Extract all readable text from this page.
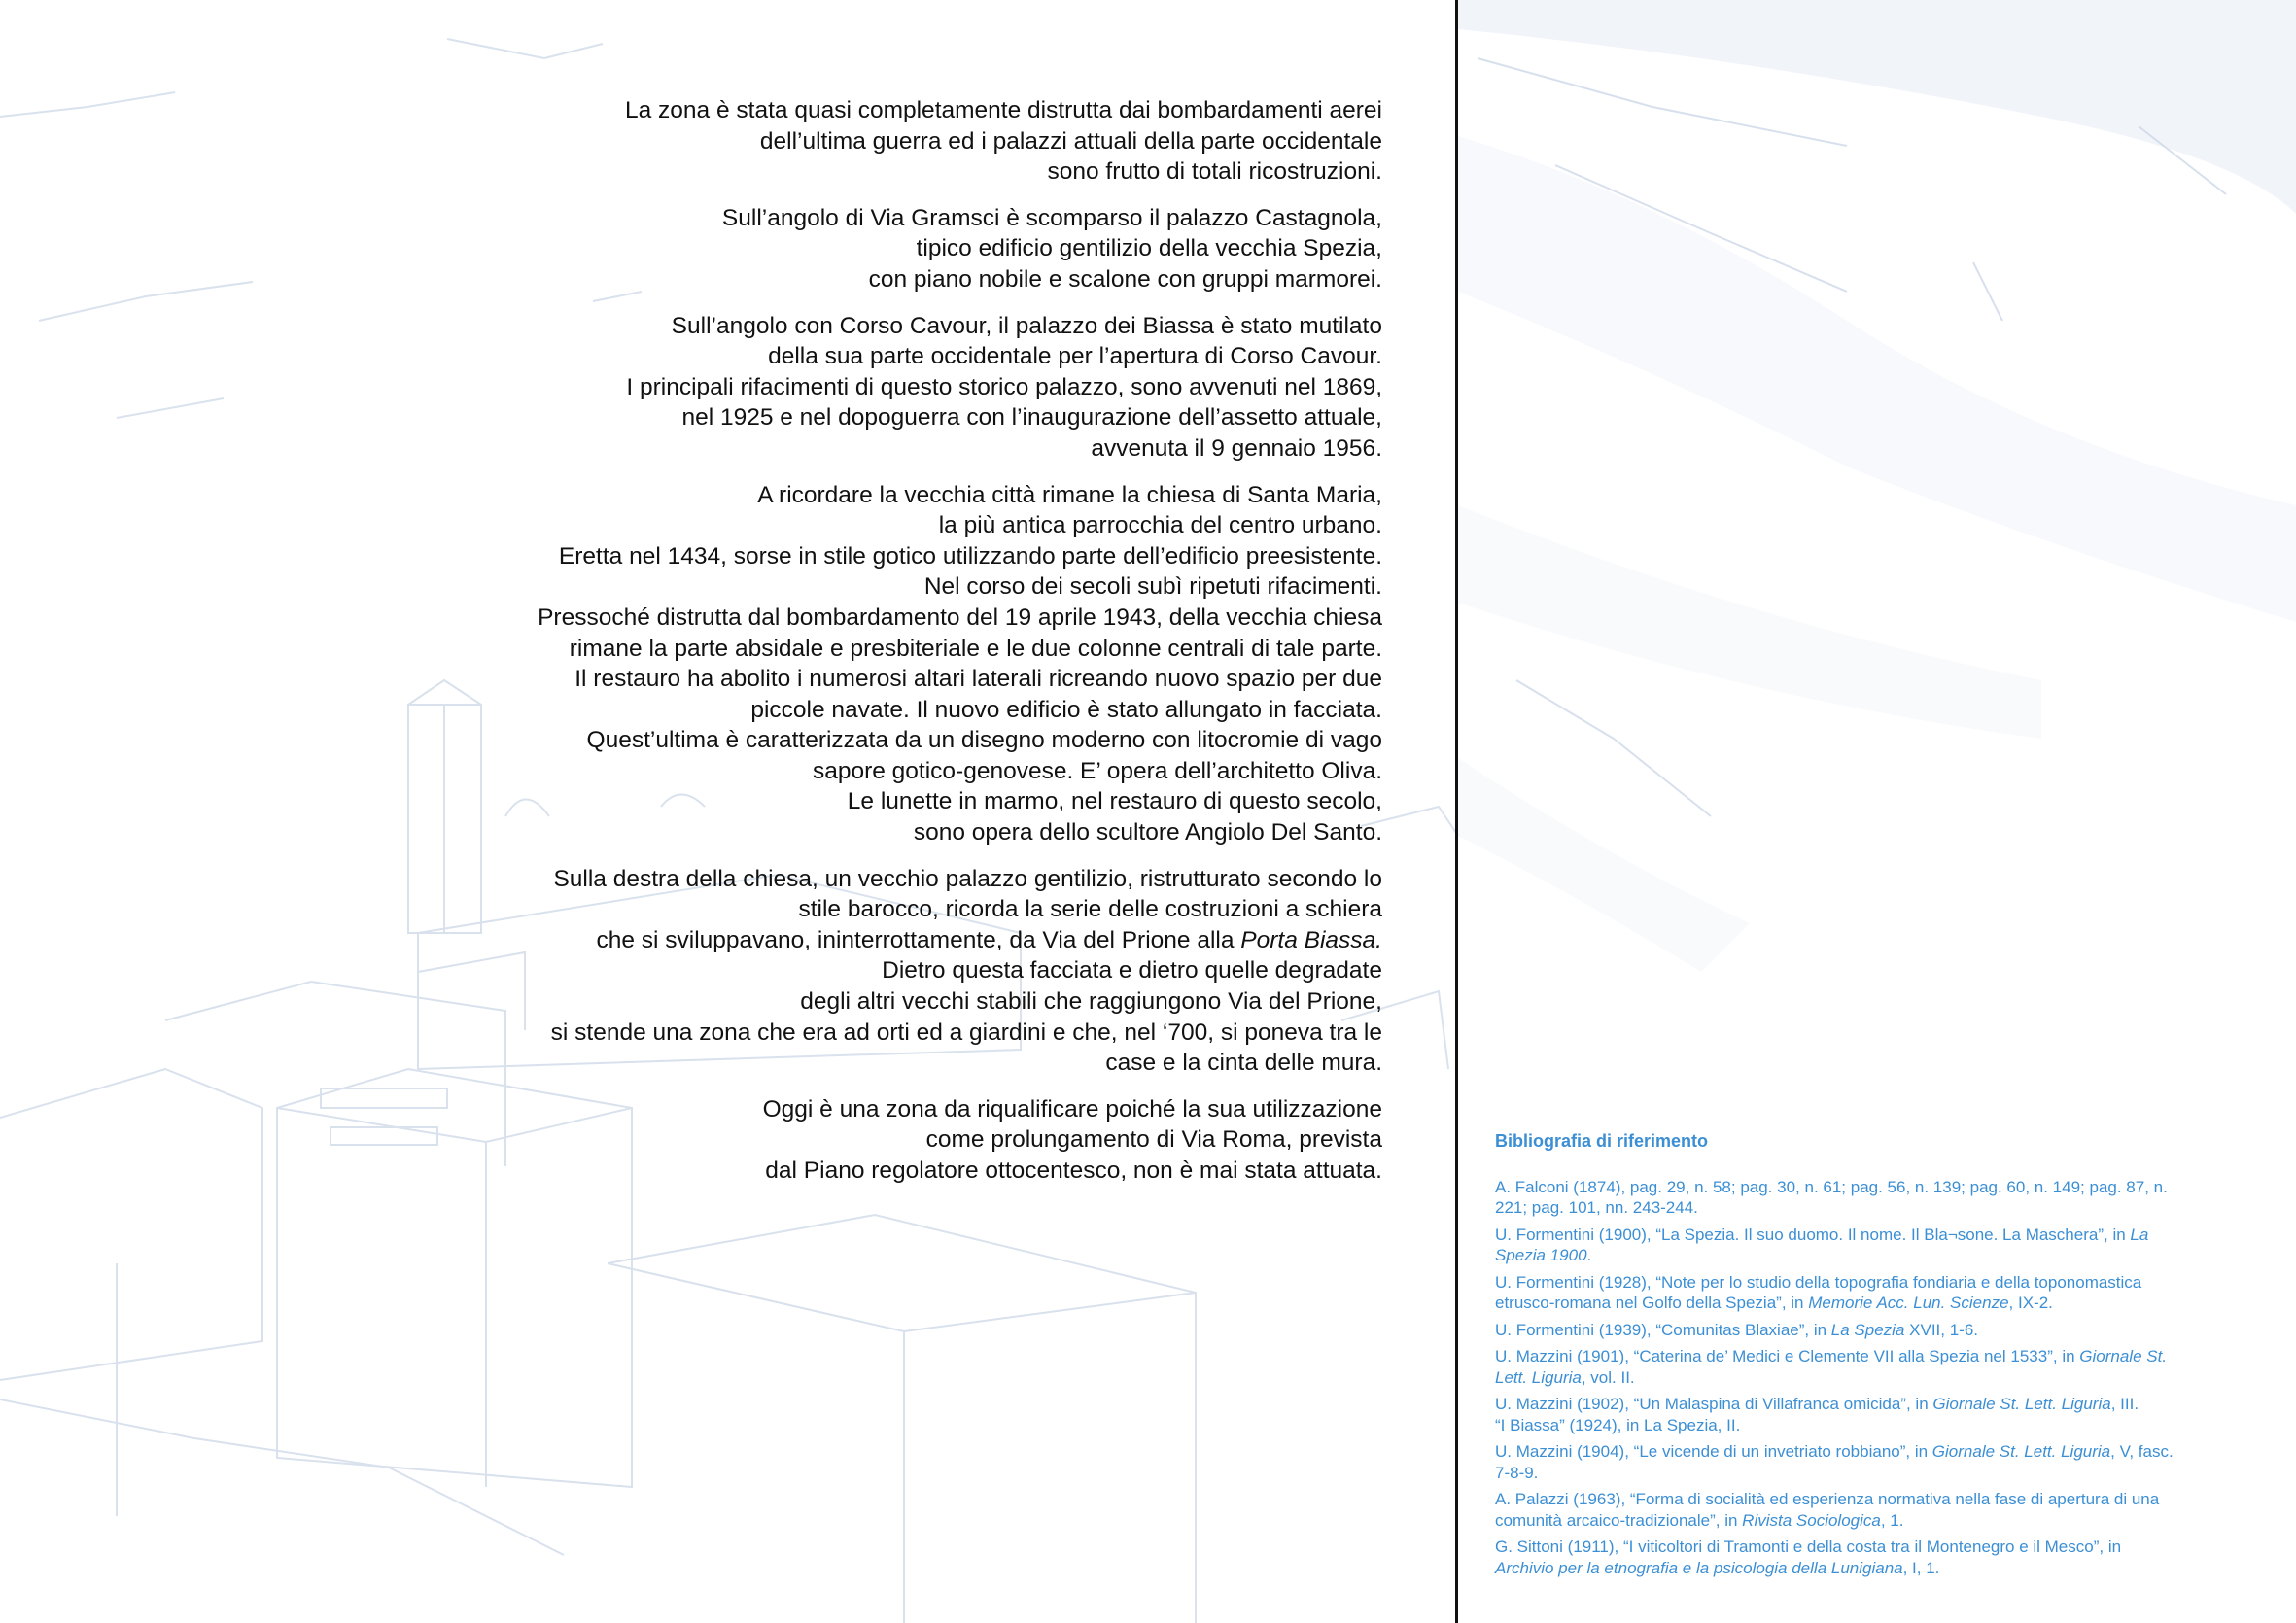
La zona è stata quasi completamente distrutta dai bombardamenti aerei
dell’ultima guerra ed i palazzi attuali della parte occidentale
sono frutto di totali ricostruzioni.
Sull’angolo di Via Gramsci è scomparso il palazzo Castagnola,
tipico edificio gentilizio della vecchia Spezia,
con piano nobile e scalone con gruppi marmorei.
Sull’angolo con Corso Cavour, il palazzo dei Biassa è stato mutilato
della sua parte occidentale per l’apertura di Corso Cavour.
I principali rifacimenti di questo storico palazzo, sono avvenuti nel 1869,
nel 1925 e nel dopoguerra con l’inaugurazione dell’assetto attuale,
avvenuta il 9 gennaio 1956.
A ricordare la vecchia città rimane la chiesa di Santa Maria,
la più antica parrocchia del centro urbano.
Eretta nel 1434, sorse in stile gotico utilizzando parte dell’edificio preesistente.
Nel corso dei secoli subì ripetuti rifacimenti.
Pressoché distrutta dal bombardamento del 19 aprile 1943, della vecchia chiesa
rimane la parte absidale e presbiteriale e le due colonne centrali di tale parte.
Il restauro ha abolito i numerosi altari laterali ricreando nuovo spazio per due
piccole navate. Il nuovo edificio è stato allungato in facciata.
Quest’ultima è caratterizzata da un disegno moderno con litocromie di vago
sapore gotico-genovese. E’ opera dell’architetto Oliva.
Le lunette in marmo, nel restauro di questo secolo,
sono opera dello scultore Angiolo Del Santo.
Sulla destra della chiesa, un vecchio palazzo gentilizio, ristrutturato secondo lo
stile barocco, ricorda la serie delle costruzioni a schiera
che si sviluppavano, ininterrottamente, da Via del Prione alla Porta Biassa.
Dietro questa facciata e dietro quelle degradate
degli altri vecchi stabili che raggiungono Via del Prione,
si stende una zona che era ad orti ed a giardini e che, nel ‘700, si poneva tra le
case e la cinta delle mura.
Oggi è una zona da riqualificare poiché la sua utilizzazione
come prolungamento di Via Roma, prevista
dal Piano regolatore ottocentesco, non è mai stata attuata.
Bibliografia di riferimento
A. Falconi (1874), pag. 29, n. 58; pag. 30, n. 61; pag. 56, n. 139; pag. 60, n. 149; pag. 87, n.
221; pag. 101, nn. 243-244.
U. Formentini (1900), “La Spezia. Il suo duomo. Il nome. Il Bla¬sone. La Maschera”, in La
Spezia 1900.
U. Formentini (1928), “Note per lo studio della topografia fondiaria e della toponomastica
etrusco-romana nel Golfo della Spezia”, in Memorie Acc. Lun. Scienze, IX-2.
U. Formentini (1939), “Comunitas Blaxiae”, in La Spezia XVII, 1-6.
U. Mazzini (1901), “Caterina de’ Medici e Clemente VII alla Spezia nel 1533”, in Giornale St.
Lett. Liguria, vol. II.
U. Mazzini (1902), “Un Malaspina di Villafranca omicida”, in Giornale St. Lett. Liguria, III.
“I Biassa” (1924), in La Spezia, II.
U. Mazzini (1904), “Le vicende di un invetriato robbiano”, in Giornale St. Lett. Liguria, V, fasc.
7-8-9.
A. Palazzi (1963), “Forma di socialità ed esperienza normativa nella fase di apertura di una
comunità arcaico-tradizionale”, in Rivista Sociologica, 1.
G. Sittoni (1911), “I viticoltori di Tramonti e della costa tra il Montenegro e il Mesco”, in
Archivio per la etnografia e la psicologia della Lunigiana, I, 1.
